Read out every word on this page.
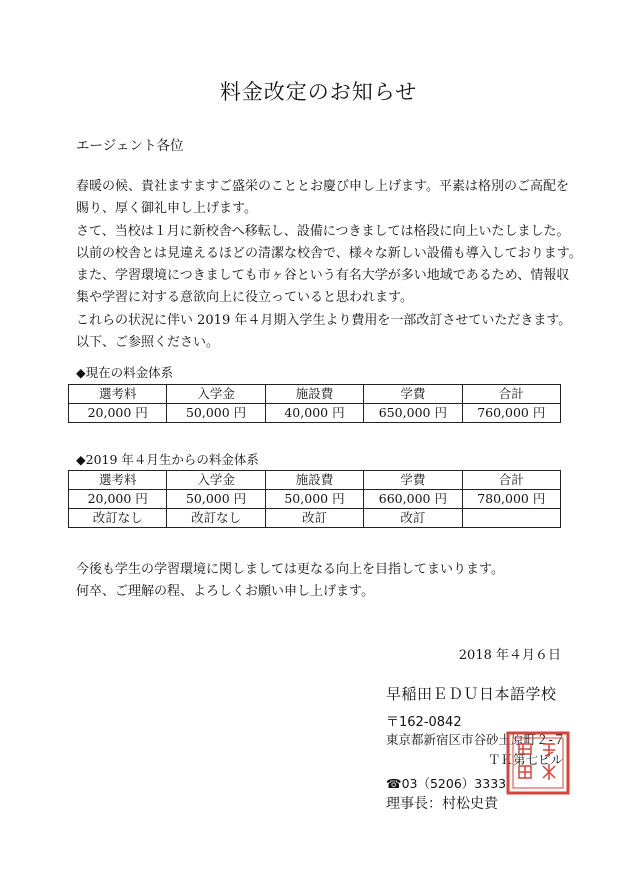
料金改定のお知らせ
エージェント各位

春暖の候、貴社ますますご盛栄のこととお慶び申し上げます。平素は格別のご高配を

賜り、厚く御礼申し上げます。

さて、当校は１月に新校舎へ移転し、設備につきましては格段に向上いたしました。

以前の校舎とは見違えるほどの清潔な校舎で、様々な新しい設備も導入しております。

また、学習環境につきましても市ヶ谷という有名大学が多い地域であるため、情報収

集や学習に対する意欲向上に役立っていると思われます。

これらの状況に伴い 2019 年４月期入学生より費用を一部改訂させていただきます。

以下、ご参照ください。

◆現在の料金体系
選考料	入学金	施設費	学費	合計
20,000 円	50,000 円	40,000 円	650,000 円	760,000 円
◆2019 年４月生からの料金体系
選考料	入学金	施設費	学費	合計
20,000 円	50,000 円	50,000 円	660,000 円	780,000 円
改訂なし	改訂なし	改訂	改訂	

今後も学生の学習環境に関しましては更なる向上を目指してまいります。

何卒、ご理解の程、よろしくお願い申し上げます。

2018 年４月６日
早稲田ＥＤＵ日本語学校
〒162-0842
東京都新宿区市谷砂土原町２-７
ＴＫ第七ビル
☎03（5206）3333
理事長：村松史貴
